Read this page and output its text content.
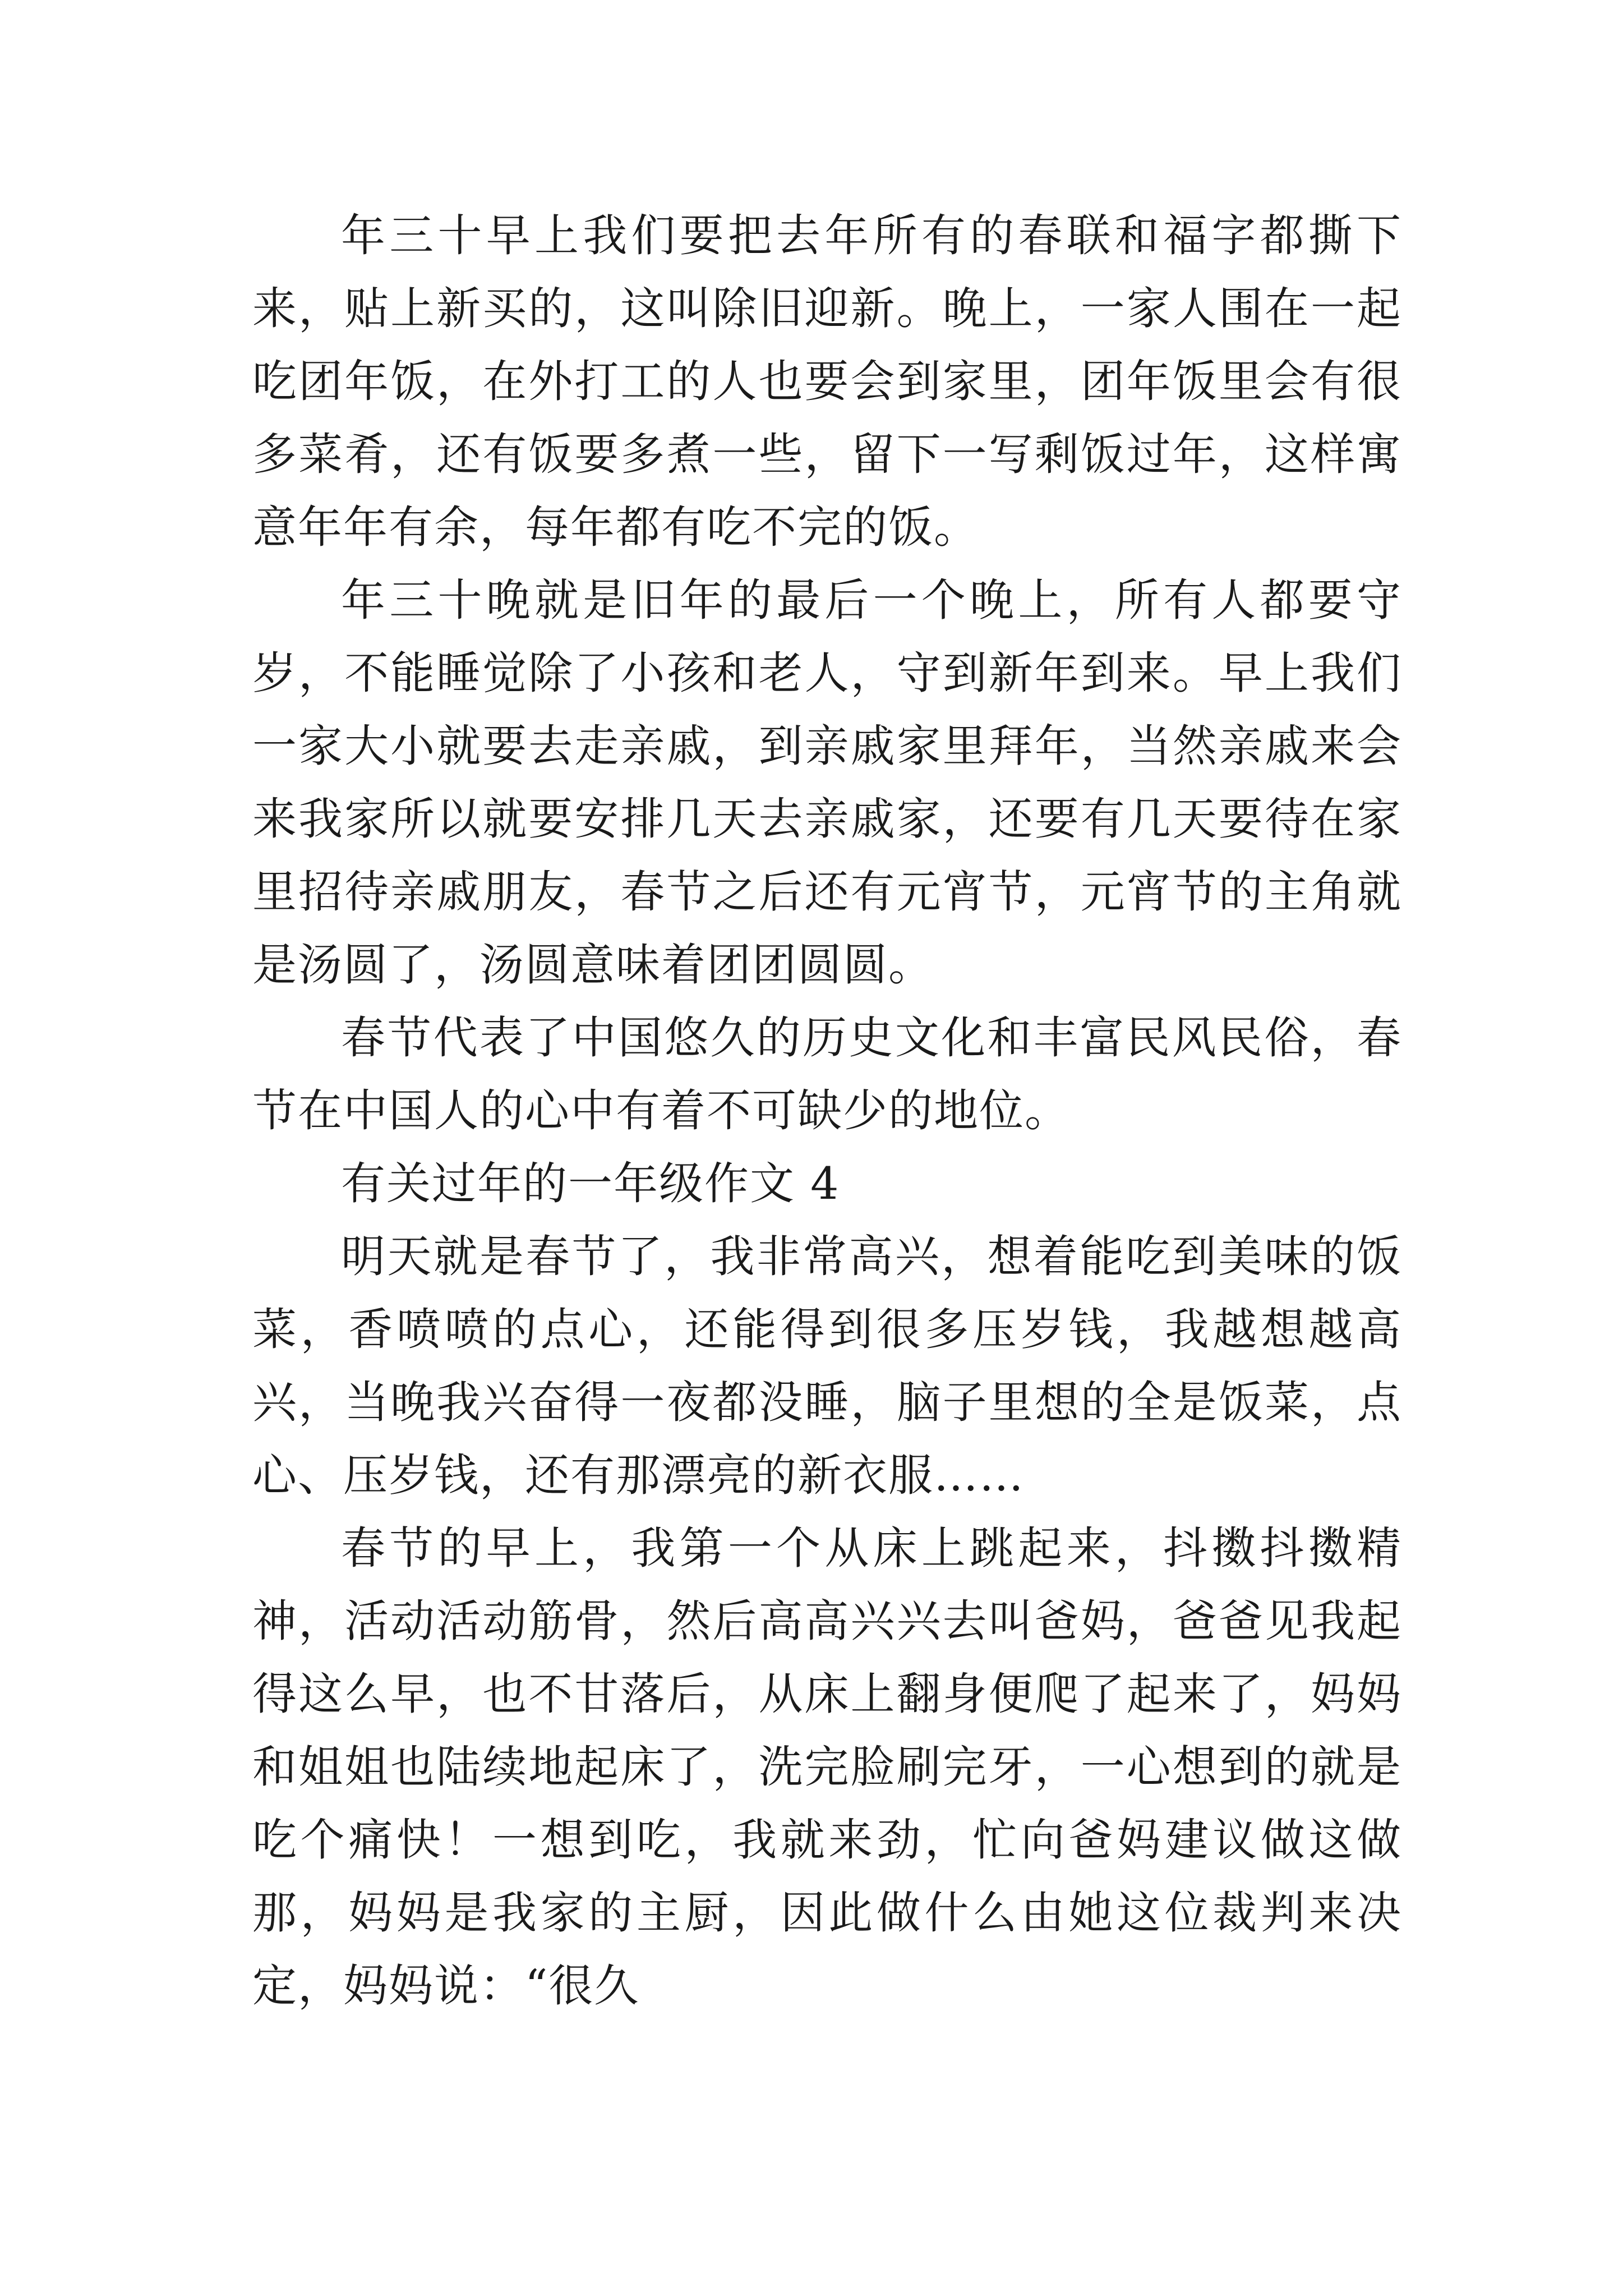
年三十早上我们要把去年所有的春联和福字都撕下来，贴上新买的，这叫除旧迎新。晚上，一家人围在一起吃团年饭，在外打工的人也要会到家里，团年饭里会有很多菜肴，还有饭要多煮一些，留下一写剩饭过年，这样寓意年年有余，每年都有吃不完的饭。

年三十晚就是旧年的最后一个晚上，所有人都要守岁，不能睡觉除了小孩和老人，守到新年到来。早上我们一家大小就要去走亲戚，到亲戚家里拜年，当然亲戚来会来我家所以就要安排几天去亲戚家，还要有几天要待在家里招待亲戚朋友，春节之后还有元宵节，元宵节的主角就是汤圆了，汤圆意味着团团圆圆。

春节代表了中国悠久的历史文化和丰富民风民俗，春节在中国人的心中有着不可缺少的地位。

有关过年的一年级作文 4

明天就是春节了，我非常高兴，想着能吃到美味的饭菜，香喷喷的点心，还能得到很多压岁钱，我越想越高兴，当晚我兴奋得一夜都没睡，脑子里想的全是饭菜，点心、压岁钱，还有那漂亮的新衣服……

春节的早上，我第一个从床上跳起来，抖擞抖擞精神，活动活动筋骨，然后高高兴兴去叫爸妈，爸爸见我起得这么早，也不甘落后，从床上翻身便爬了起来了，妈妈和姐姐也陆续地起床了，洗完脸刷完牙，一心想到的就是吃个痛快！一想到吃，我就来劲，忙向爸妈建议做这做那，妈妈是我家的主厨，因此做什么由她这位裁判来决定，妈妈说：“很久
